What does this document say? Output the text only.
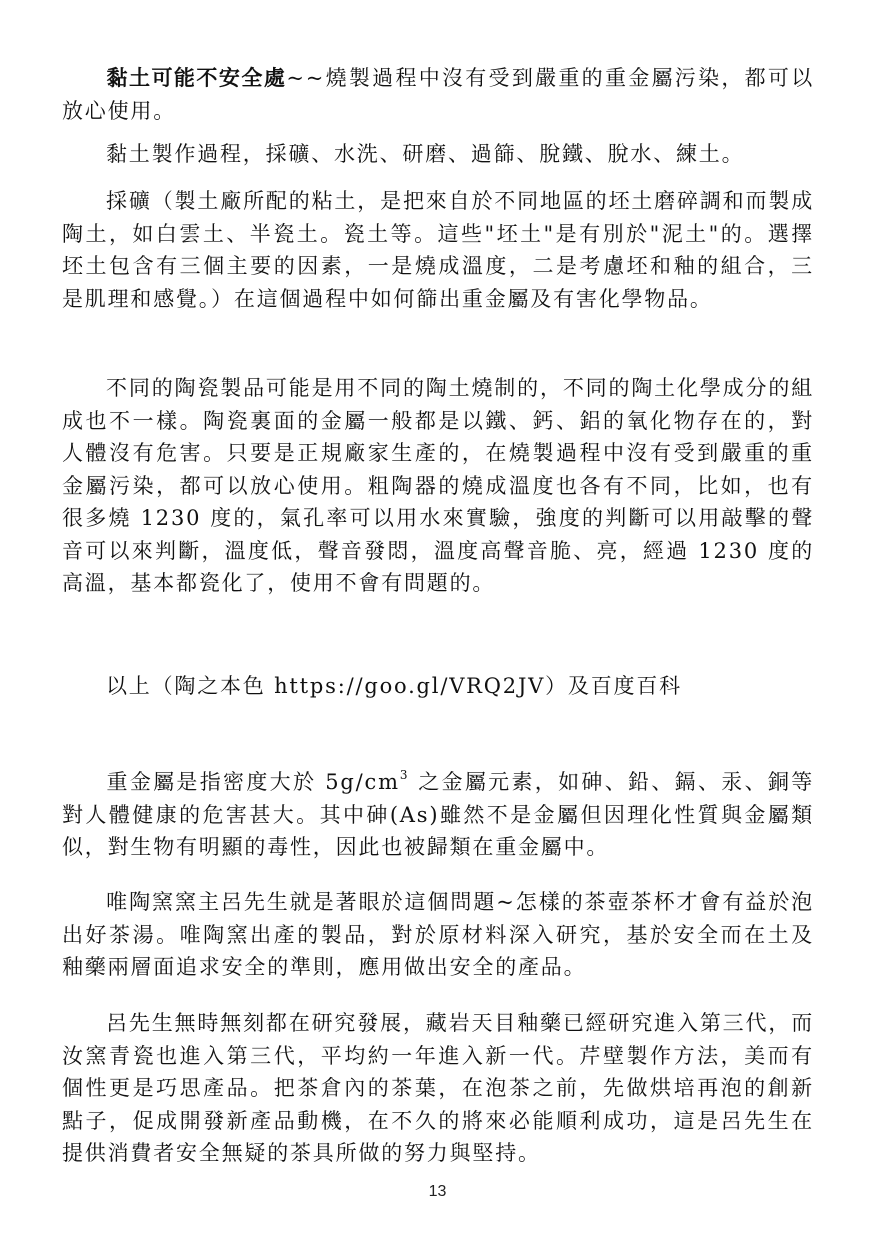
黏土可能不安全處~~燒製過程中沒有受到嚴重的重金屬污染，都可以放心使用。

黏土製作過程，採礦、水洗、研磨、過篩、脫鐵、脫水、練土。

採礦（製土廠所配的粘土，是把來自於不同地區的坯土磨碎調和而製成陶土，如白雲土、半瓷土。瓷土等。這些"坯土"是有別於"泥土"的。選擇坯土包含有三個主要的因素，一是燒成溫度，二是考慮坯和釉的組合，三是肌理和感覺。）在這個過程中如何篩出重金屬及有害化學物品。

不同的陶瓷製品可能是用不同的陶土燒制的，不同的陶土化學成分的組成也不一樣。陶瓷裏面的金屬一般都是以鐵、鈣、鋁的氧化物存在的，對人體沒有危害。只要是正規廠家生產的，在燒製過程中沒有受到嚴重的重金屬污染，都可以放心使用。粗陶器的燒成溫度也各有不同，比如，也有很多燒 1230 度的，氣孔率可以用水來實驗，強度的判斷可以用敲擊的聲音可以來判斷，溫度低，聲音發悶，溫度高聲音脆、亮，經過 1230 度的高溫，基本都瓷化了，使用不會有問題的。

以上（陶之本色 https://goo.gl/VRQ2JV）及百度百科

重金屬是指密度大於 $5g/cm^3$ 之金屬元素，如砷、鉛、鎘、汞、銅等對人體健康的危害甚大。其中砷(As)雖然不是金屬但因理化性質與金屬類似，對生物有明顯的毒性，因此也被歸類在重金屬中。

唯陶窯窯主呂先生就是著眼於這個問題~怎樣的茶壺茶杯才會有益於泡出好茶湯。唯陶窯出產的製品，對於原材料深入研究，基於安全而在土及釉藥兩層面追求安全的準則，應用做出安全的產品。

呂先生無時無刻都在研究發展，藏岩天目釉藥已經研究進入第三代，而汝窯青瓷也進入第三代，平均約一年進入新一代。芹壁製作方法，美而有個性更是巧思產品。把茶倉內的茶葉，在泡茶之前，先做烘培再泡的創新點子，促成開發新產品動機，在不久的將來必能順利成功，這是呂先生在提供消費者安全無疑的茶具所做的努力與堅持。

13
